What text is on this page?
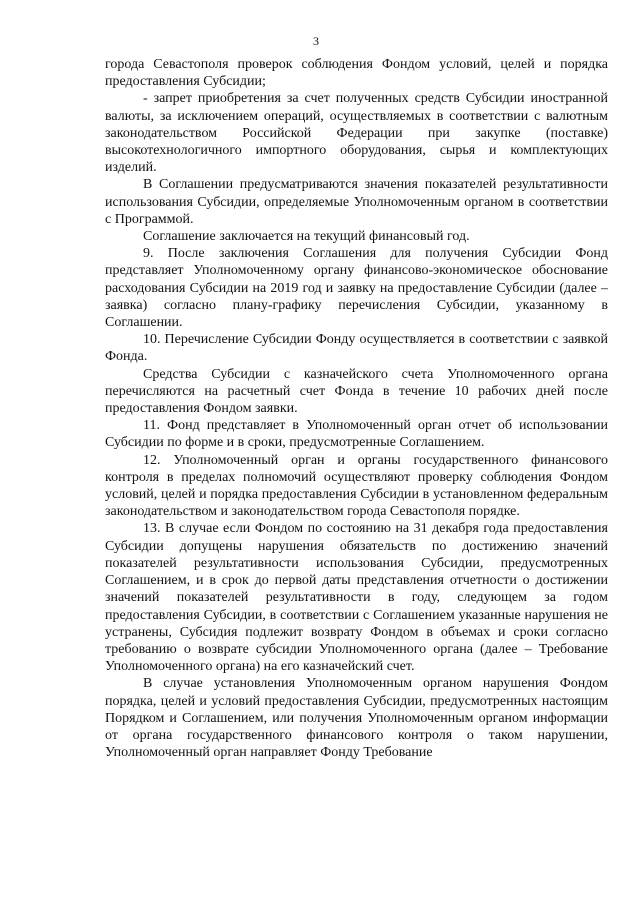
3

города Севастополя проверок соблюдения Фондом условий, целей и порядка предоставления Субсидии;

- запрет приобретения за счет полученных средств Субсидии иностранной валюты, за исключением операций, осуществляемых в соответствии с валютным законодательством Российской Федерации при закупке (поставке) высокотехнологичного импортного оборудования, сырья и комплектующих изделий.

В Соглашении предусматриваются значения показателей результативности использования Субсидии, определяемые Уполномоченным органом в соответствии с Программой.

Соглашение заключается на текущий финансовый год.

9. После заключения Соглашения для получения Субсидии Фонд представляет Уполномоченному органу финансово-экономическое обоснование расходования Субсидии на 2019 год и заявку на предоставление Субсидии (далее – заявка) согласно плану-графику перечисления Субсидии, указанному в Соглашении.

10. Перечисление Субсидии Фонду осуществляется в соответствии с заявкой Фонда.

Средства Субсидии с казначейского счета Уполномоченного органа перечисляются на расчетный счет Фонда в течение 10 рабочих дней после предоставления Фондом заявки.

11. Фонд представляет в Уполномоченный орган отчет об использовании Субсидии по форме и в сроки, предусмотренные Соглашением.

12. Уполномоченный орган и органы государственного финансового контроля в пределах полномочий осуществляют проверку соблюдения Фондом условий, целей и порядка предоставления Субсидии в установленном федеральным законодательством и законодательством города Севастополя порядке.

13. В случае если Фондом по состоянию на 31 декабря года предоставления Субсидии допущены нарушения обязательств по достижению значений показателей результативности использования Субсидии, предусмотренных Соглашением, и в срок до первой даты представления отчетности о достижении значений показателей результативности в году, следующем за годом предоставления Субсидии, в соответствии с Соглашением указанные нарушения не устранены, Субсидия подлежит возврату Фондом в объемах и сроки согласно требованию о возврате субсидии Уполномоченного органа (далее – Требование Уполномоченного органа) на его казначейский счет.

В случае установления Уполномоченным органом нарушения Фондом порядка, целей и условий предоставления Субсидии, предусмотренных настоящим Порядком и Соглашением, или получения Уполномоченным органом информации от органа государственного финансового контроля о таком нарушении, Уполномоченный орган направляет Фонду Требование
